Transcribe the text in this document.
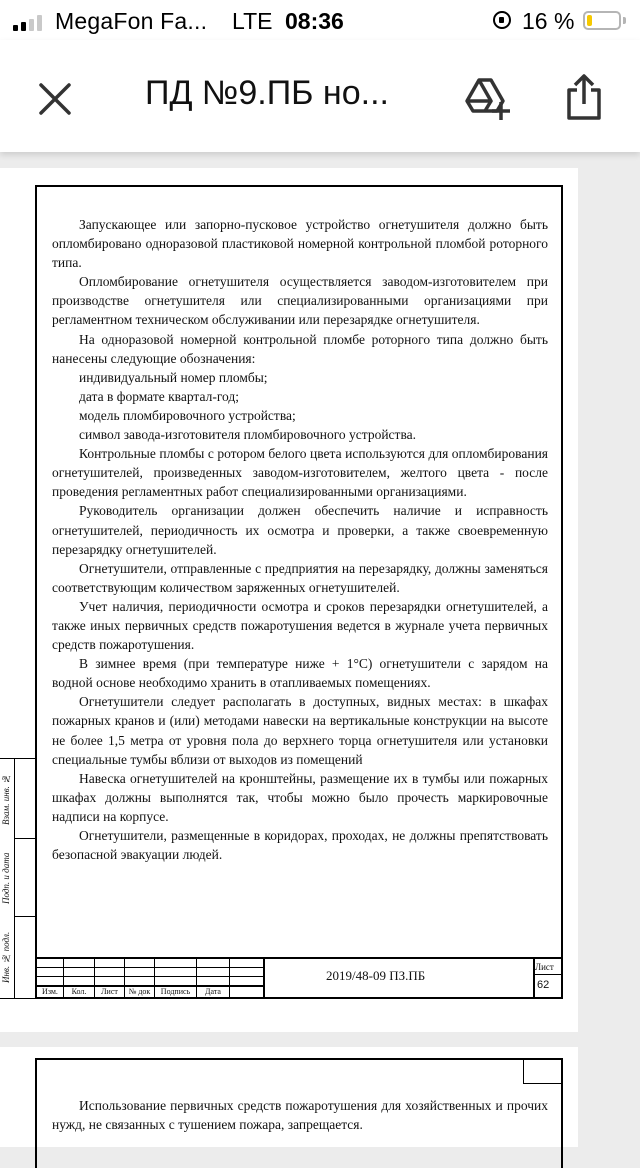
MegaFon Fa... LTE 08:36	16 %
ПД №9.ПБ но...

Запускающее или запорно-пусковое устройство огнетушителя должно быть опломбировано одноразовой пластиковой номерной контрольной пломбой роторного типа.

Опломбирование огнетушителя осуществляется заводом-изготовителем при производстве огнетушителя или специализированными организациями при регламентном техническом обслуживании или перезарядке огнетушителя.

На одноразовой номерной контрольной пломбе роторного типа должно быть нанесены следующие обозначения:

индивидуальный номер пломбы;

дата в формате квартал-год;

модель пломбировочного устройства;

символ завода-изготовителя пломбировочного устройства.

Контрольные пломбы с ротором белого цвета используются для опломбирования огнетушителей, произведенных заводом-изготовителем, желтого цвета - после проведения регламентных работ специализированными организациями.

Руководитель организации должен обеспечить наличие и исправность огнетушителей, периодичность их осмотра и проверки, а также своевременную перезарядку огнетушителей.

Огнетушители, отправленные с предприятия на перезарядку, должны заменяться соответствующим количеством заряженных огнетушителей.

Учет наличия, периодичности осмотра и сроков перезарядки огнетушителей, а также иных первичных средств пожаротушения ведется в журнале учета первичных средств пожаротушения.

В зимнее время (при температуре ниже + 1°С) огнетушители с зарядом на водной основе необходимо хранить в отапливаемых помещениях.

Огнетушители следует располагать в доступных, видных местах: в шкафах пожарных кранов и (или) методами навески на вертикальные конструкции на высоте не более 1,5 метра от уровня пола до верхнего торца огнетушителя или установки специальные тумбы вблизи от выходов из помещений

Навеска огнетушителей на кронштейны, размещение их в тумбы или пожарных шкафах должны выполнятся так, чтобы можно было прочесть маркировочные надписи на корпусе.

Огнетушители, размещенные в коридорах, проходах, не должны препятствовать безопасной эвакуации людей.

Взам. инв. №
Подп. и дата
Инв. № подл.
Изм.	Кол.	Лист	№ док	Подпись	Дата
2019/48-09 ПЗ.ПБ
Лист
62

Использование первичных средств пожаротушения для хозяйственных и прочих нужд, не связанных с тушением пожара, запрещается.
